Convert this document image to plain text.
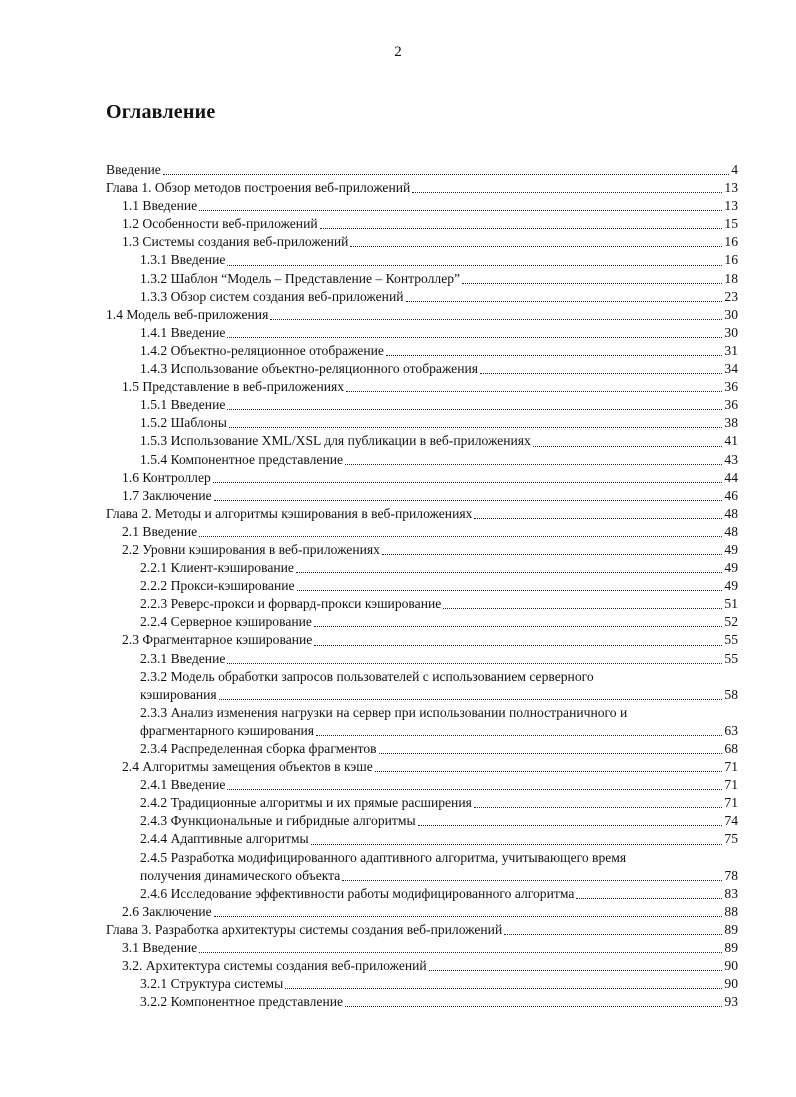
2
Оглавление
Введение	4
Глава 1. Обзор методов построения веб-приложений	13
1.1 Введение	13
1.2 Особенности веб-приложений	15
1.3 Системы создания веб-приложений	16
1.3.1 Введение	16
1.3.2 Шаблон “Модель – Представление – Контроллер”	18
1.3.3 Обзор систем создания веб-приложений	23
1.4 Модель веб-приложения	30
1.4.1 Введение	30
1.4.2 Объектно-реляционное отображение	31
1.4.3 Использование объектно-реляционного отображения	34
1.5 Представление в веб-приложениях	36
1.5.1 Введение	36
1.5.2 Шаблоны	38
1.5.3 Использование XML/XSL для публикации в веб-приложениях	41
1.5.4 Компонентное представление	43
1.6 Контроллер	44
1.7 Заключение	46
Глава 2. Методы и алгоритмы кэширования в веб-приложениях	48
2.1 Введение	48
2.2 Уровни кэширования в веб-приложениях	49
2.2.1 Клиент-кэширование	49
2.2.2 Прокси-кэширование	49
2.2.3 Реверс-прокси и форвард-прокси кэширование	51
2.2.4 Серверное кэширование	52
2.3 Фрагментарное кэширование	55
2.3.1 Введение	55
2.3.2 Модель обработки запросов пользователей с использованием серверного
кэширования	58
2.3.3 Анализ изменения нагрузки на сервер при использовании полностраничного и
фрагментарного кэширования	63
2.3.4 Распределенная сборка фрагментов	68
2.4 Алгоритмы замещения объектов в кэше	71
2.4.1 Введение	71
2.4.2 Традиционные алгоритмы и их прямые расширения	71
2.4.3 Функциональные и гибридные алгоритмы	74
2.4.4 Адаптивные алгоритмы	75
2.4.5 Разработка модифицированного адаптивного алгоритма, учитывающего время
получения динамического объекта	78
2.4.6 Исследование эффективности работы модифицированного алгоритма	83
2.6 Заключение	88
Глава 3. Разработка архитектуры системы создания веб-приложений	89
3.1 Введение	89
3.2. Архитектура системы создания веб-приложений	90
3.2.1 Структура системы	90
3.2.2 Компонентное представление	93
